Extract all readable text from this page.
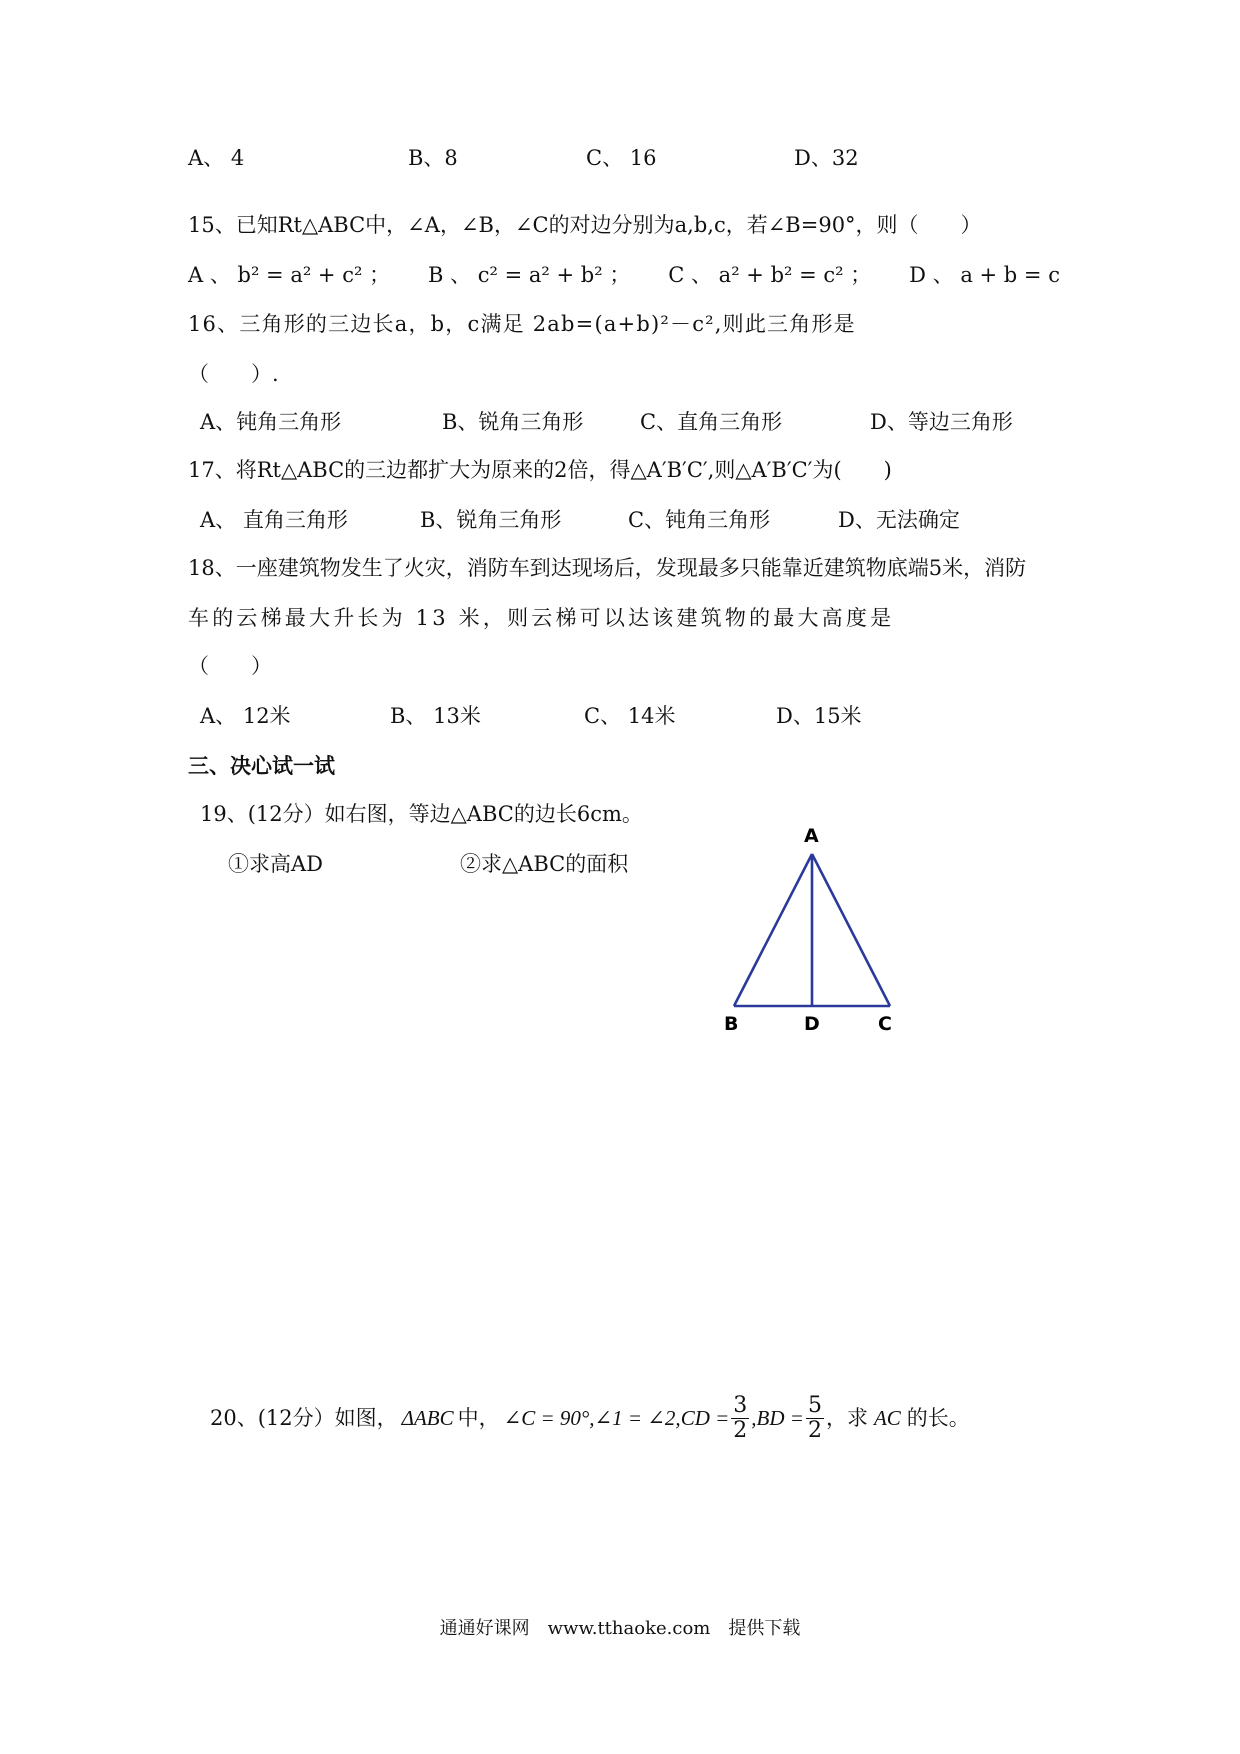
A、 4	B、8	C、 16	D、32
15、已知Rt△ABC中，∠A，∠B，∠C的对边分别为a,b,c，若∠B=90°，则（　　）
A 、 b² = a² + c² ； B 、 c² = a² + b² ； C 、 a² + b² = c² ； D 、 a + b = c
16、三角形的三边长a，b，c满足 2ab=(a+b)²－c²,则此三角形是
（　　）.
A、钝角三角形	B、锐角三角形	C、直角三角形	D、等边三角形
17、将Rt△ABC的三边都扩大为原来的2倍，得△A′B′C′,则△A′B′C′为(　　)
A、 直角三角形	B、锐角三角形	C、钝角三角形	D、无法确定
18、一座建筑物发生了火灾，消防车到达现场后，发现最多只能靠近建筑物底端5米，消防
车的云梯最大升长为 13 米，则云梯可以达该建筑物的最大高度是
（　　）
A、 12米	B、 13米	C、 14米	D、15米
三、决心试一试
19、(12分）如右图，等边△ABC的边长6cm。
①求高AD	②求△ABC的面积
A
B	D	C
20、(12分）如图， ΔABC 中， ∠C = 90°,∠1 = ∠2, CD = $\frac{3}{2} ,BD = \frac{5}{2}$ ，求 AC 的长。
通通好课网　www.tthaoke.com　提供下载
